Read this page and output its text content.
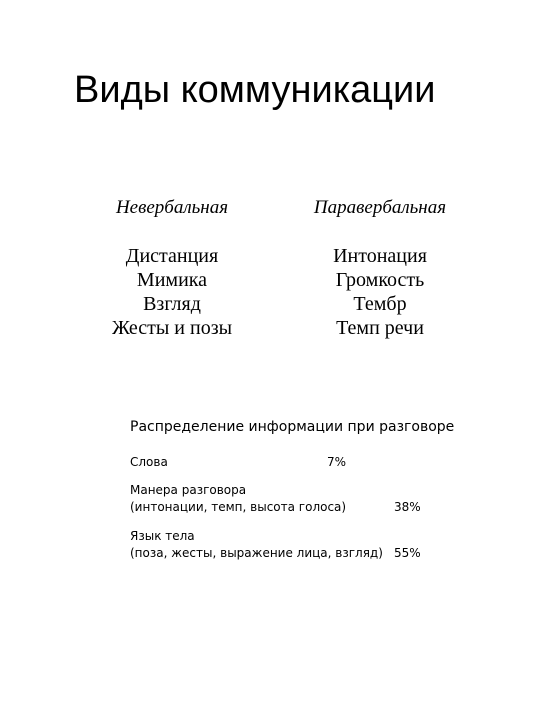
Виды коммуникации
Невербальная
Дистанция
Мимика
Взгляд
Жесты и позы
Паравербальная
Интонация
Громкость
Тембр
Темп речи
Распределение информации при разговоре
Слова	7%
Манера разговора
(интонации, темп, высота голоса)	38%
Язык тела
(поза, жесты, выражение лица, взгляд) 55%
